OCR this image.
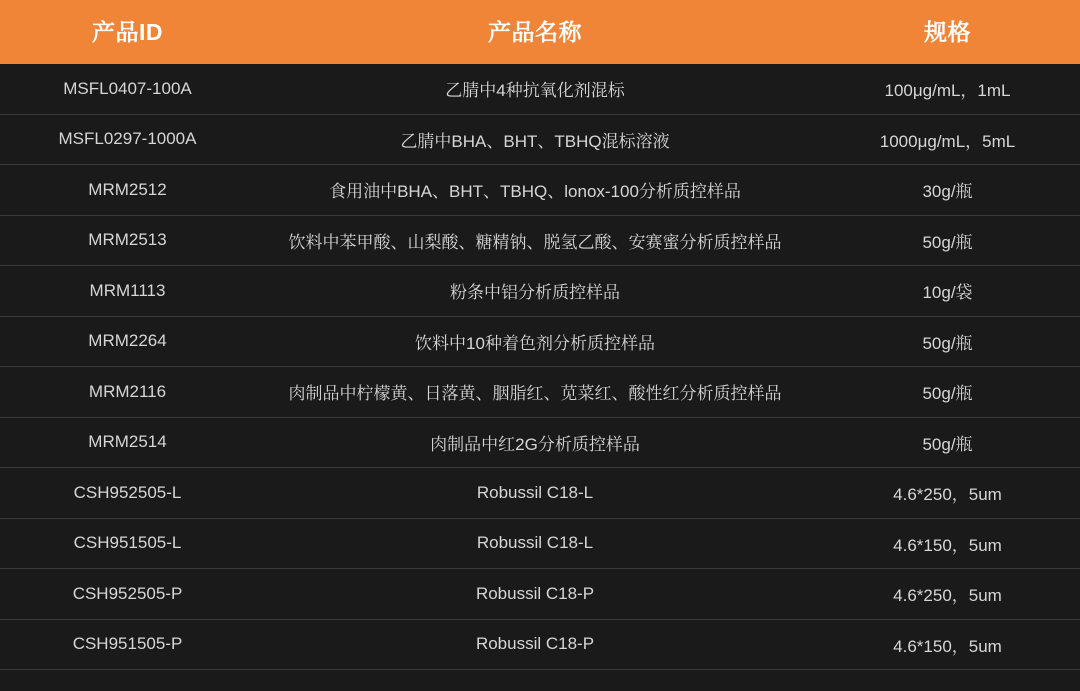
产品ID	产品名称	规格
MSFL0407-100A	乙腈中4种抗氧化剂混标	100μg/mL，1mL
MSFL0297-1000A	乙腈中BHA、BHT、TBHQ混标溶液	1000μg/mL，5mL
MRM2512	食用油中BHA、BHT、TBHQ、lonox-100分析质控样品	30g/瓶
MRM2513	饮料中苯甲酸、山梨酸、糖精钠、脱氢乙酸、安赛蜜分析质控样品	50g/瓶
MRM1113	粉条中铝分析质控样品	10g/袋
MRM2264	饮料中10种着色剂分析质控样品	50g/瓶
MRM2116	肉制品中柠檬黄、日落黄、胭脂红、苋菜红、酸性红分析质控样品	50g/瓶
MRM2514	肉制品中红2G分析质控样品	50g/瓶
CSH952505-L	Robussil C18-L	4.6*250，5um
CSH951505-L	Robussil C18-L	4.6*150，5um
CSH952505-P	Robussil C18-P	4.6*250，5um
CSH951505-P	Robussil C18-P	4.6*150，5um
